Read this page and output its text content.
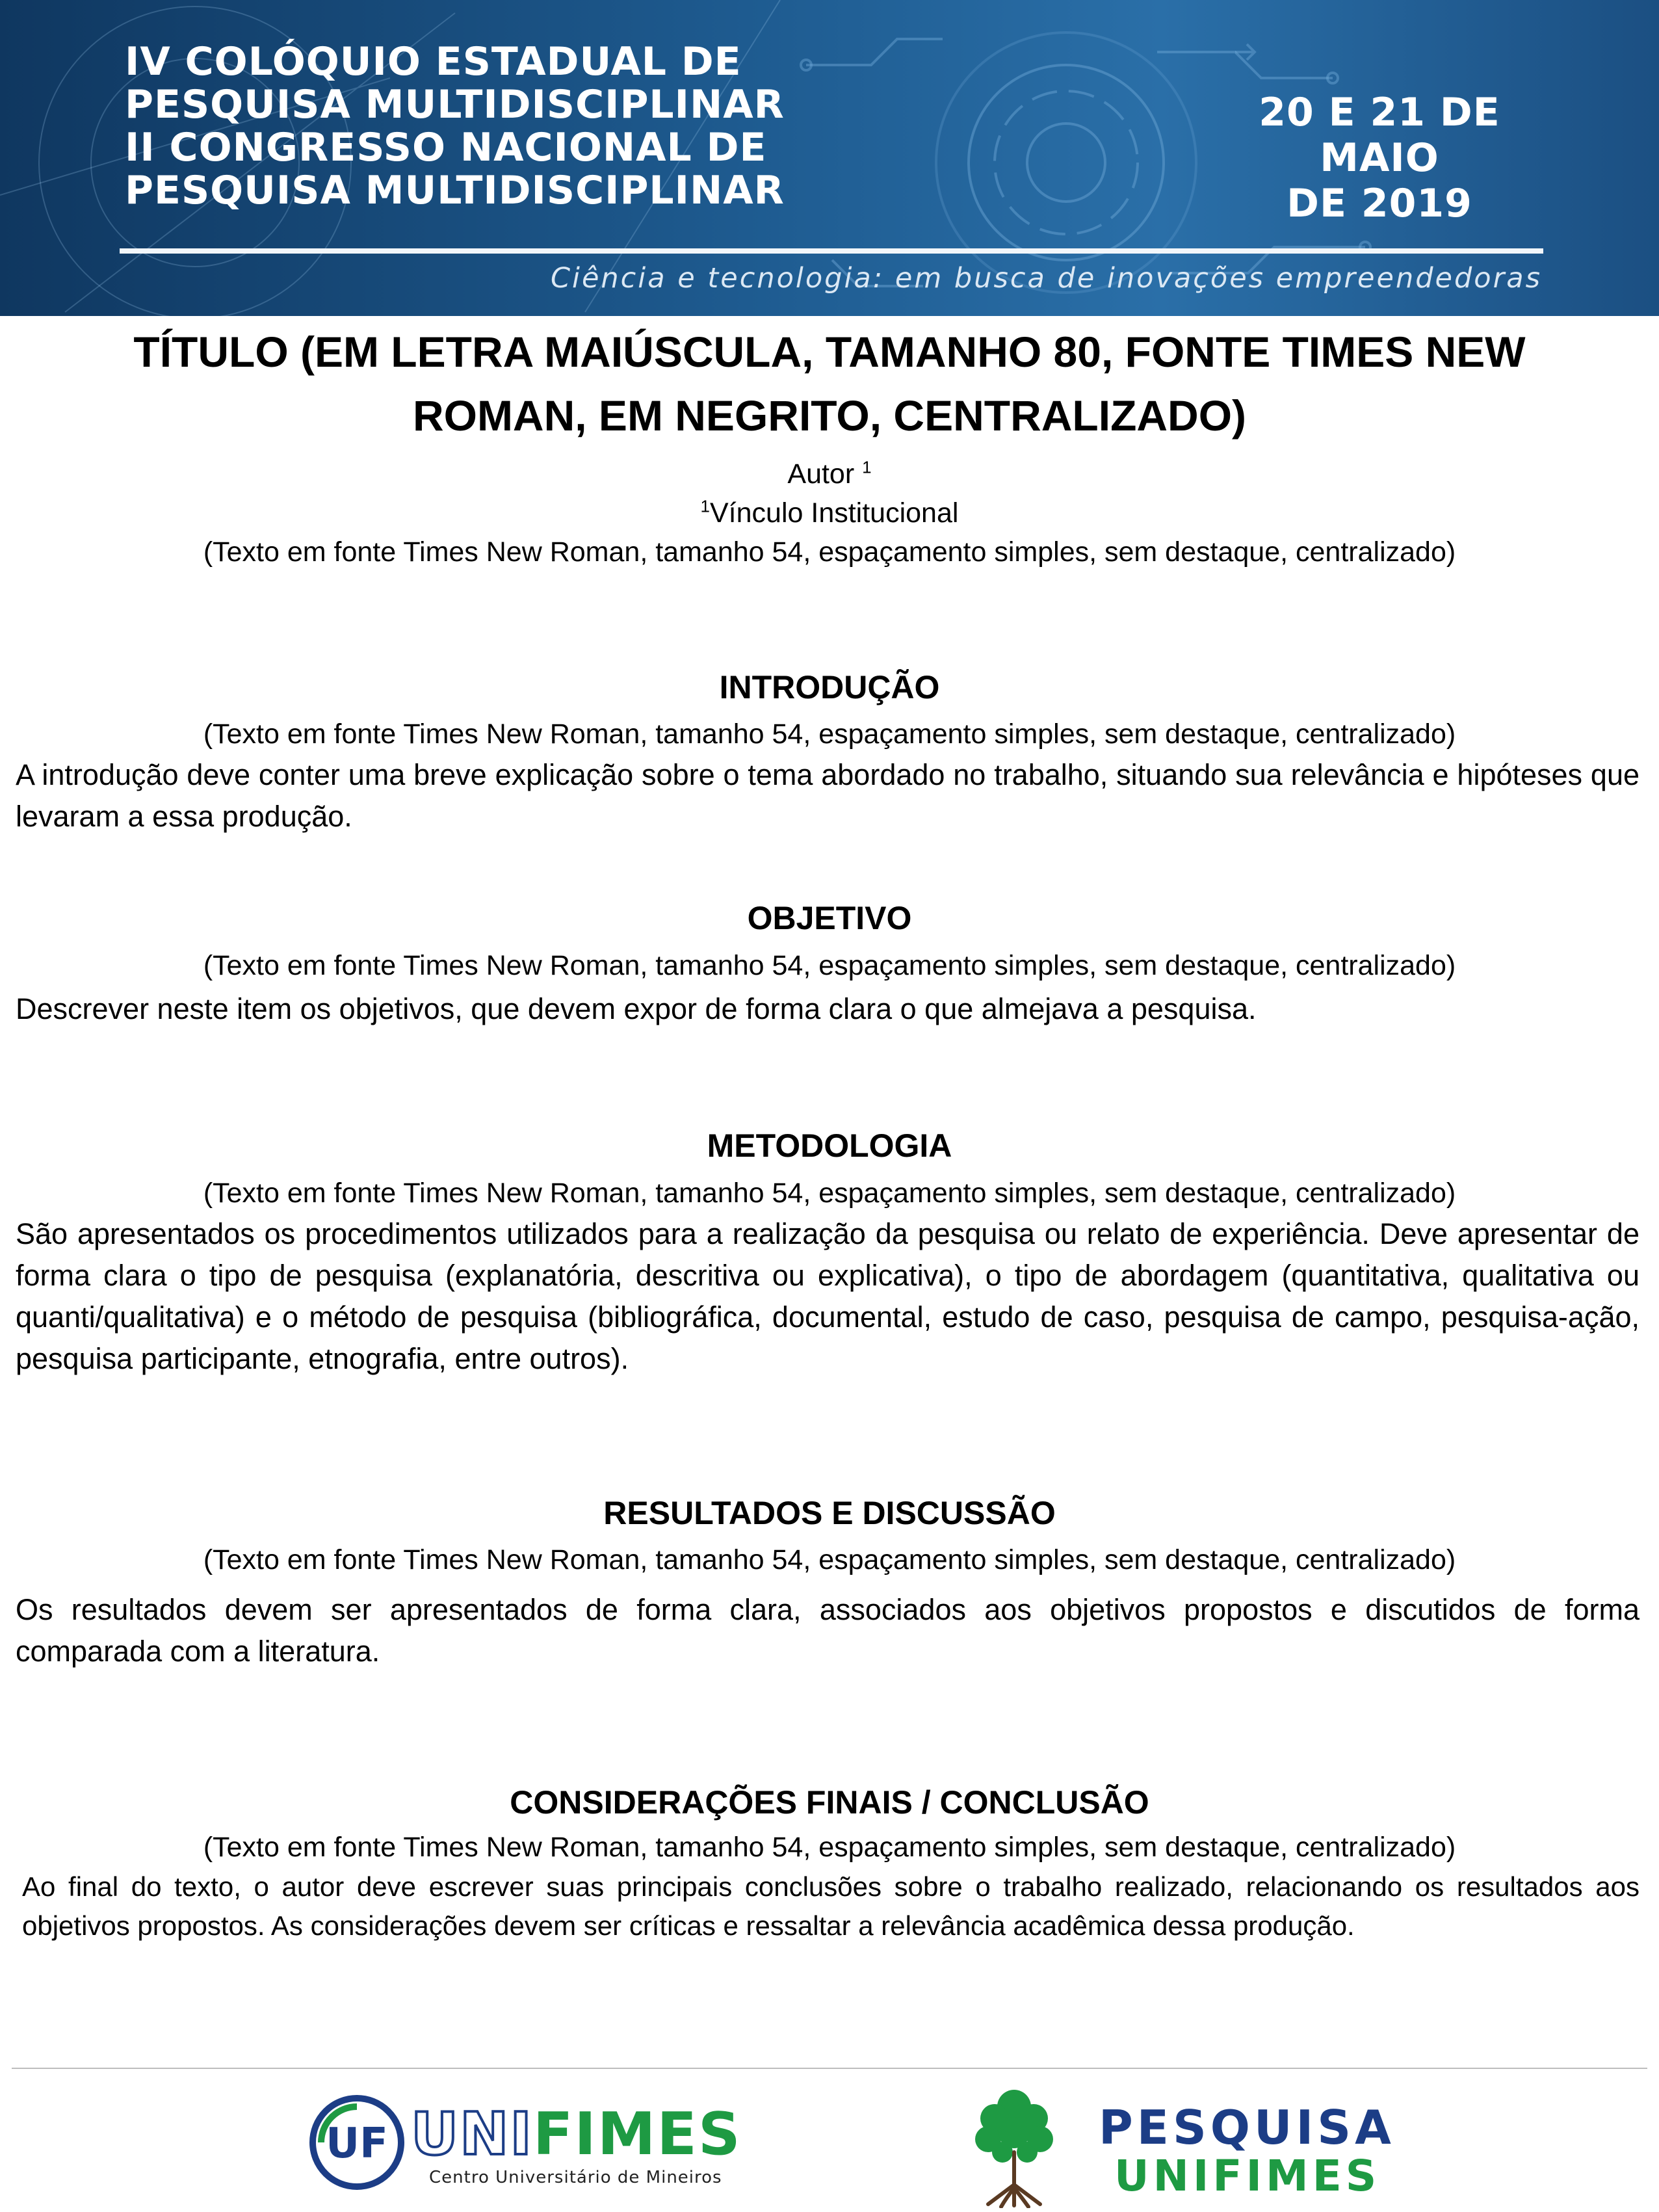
IV COLÓQUIO ESTADUAL DE
PESQUISA MULTIDISCIPLINAR
II CONGRESSO NACIONAL DE
PESQUISA MULTIDISCIPLINAR
20 E 21 DE MAIO
DE 2019
Ciência e tecnologia: em busca de inovações empreendedoras
TÍTULO (EM LETRA MAIÚSCULA, TAMANHO 80, FONTE TIMES NEW
ROMAN, EM NEGRITO, CENTRALIZADO)
Autor $^1$
$^1$Vínculo Institucional
(Texto em fonte Times New Roman, tamanho 54, espaçamento simples, sem destaque, centralizado)
INTRODUÇÃO
(Texto em fonte Times New Roman, tamanho 54, espaçamento simples, sem destaque, centralizado)
A introdução deve conter uma breve explicação sobre o tema abordado no trabalho, situando sua relevância e hipóteses que levaram a essa produção.
OBJETIVO
(Texto em fonte Times New Roman, tamanho 54, espaçamento simples, sem destaque, centralizado)
Descrever neste item os objetivos, que devem expor de forma clara o que almejava a pesquisa.
METODOLOGIA
(Texto em fonte Times New Roman, tamanho 54, espaçamento simples, sem destaque, centralizado)
São apresentados os procedimentos utilizados para a realização da pesquisa ou relato de experiência. Deve apresentar de forma clara o tipo de pesquisa (explanatória, descritiva ou explicativa), o tipo de abordagem (quantitativa, qualitativa ou quanti/qualitativa) e o método de pesquisa (bibliográfica, documental, estudo de caso, pesquisa de campo, pesquisa-ação, pesquisa participante, etnografia, entre outros).
RESULTADOS E DISCUSSÃO
(Texto em fonte Times New Roman, tamanho 54, espaçamento simples, sem destaque, centralizado)
Os resultados devem ser apresentados de forma clara, associados aos objetivos propostos e discutidos de forma comparada com a literatura.
CONSIDERAÇÕES FINAIS / CONCLUSÃO
(Texto em fonte Times New Roman, tamanho 54, espaçamento simples, sem destaque, centralizado)
Ao final do texto, o autor deve escrever suas principais conclusões sobre o trabalho realizado, relacionando os resultados aos objetivos propostos. As considerações devem ser críticas e ressaltar a relevância acadêmica dessa produção.
UF UNIFIMES
Centro Universitário de Mineiros
PESQUISA
UNIFIMES
